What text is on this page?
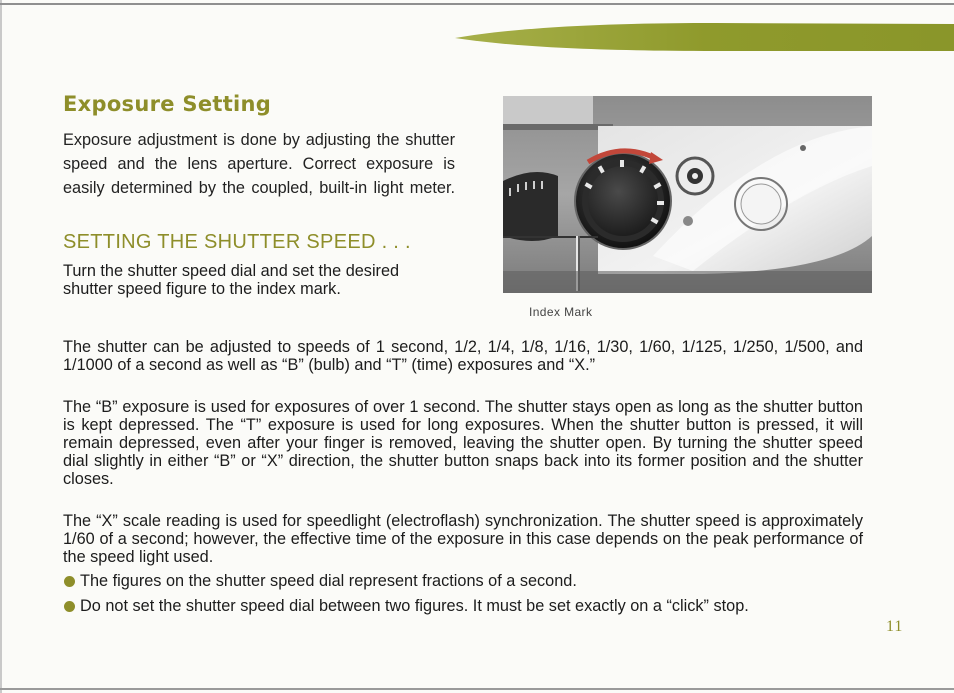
Exposure Setting

Exposure adjustment is done by adjusting the shutter speed and the lens aperture. Correct exposure is easily determined by the coupled, built-in light meter.

SETTING THE SHUTTER SPEED . . .

Turn the shutter speed dial and set the desired shutter speed figure to the index mark.

Index Mark

The shutter can be adjusted to speeds of 1 second, 1/2, 1/4, 1/8, 1/16, 1/30, 1/60, 1/125, 1/250, 1/500, and 1/1000 of a second as well as “B” (bulb) and “T” (time) exposures and “X.”

The “B” exposure is used for exposures of over 1 second. The shutter stays open as long as the shutter button is kept depressed. The “T” exposure is used for long exposures. When the shutter button is pressed, it will remain depressed, even after your finger is removed, leaving the shutter open. By turning the shutter speed dial slightly in either “B” or “X” direction, the shutter button snaps back into its former position and the shutter closes.

The “X” scale reading is used for speedlight (electroflash) synchronization. The shutter speed is approximately 1/60 of a second; however, the effective time of the exposure in this case depends on the peak performance of the speed light used.

The figures on the shutter speed dial represent fractions of a second.
Do not set the shutter speed dial between two figures. It must be set exactly on a “click” stop.
11
